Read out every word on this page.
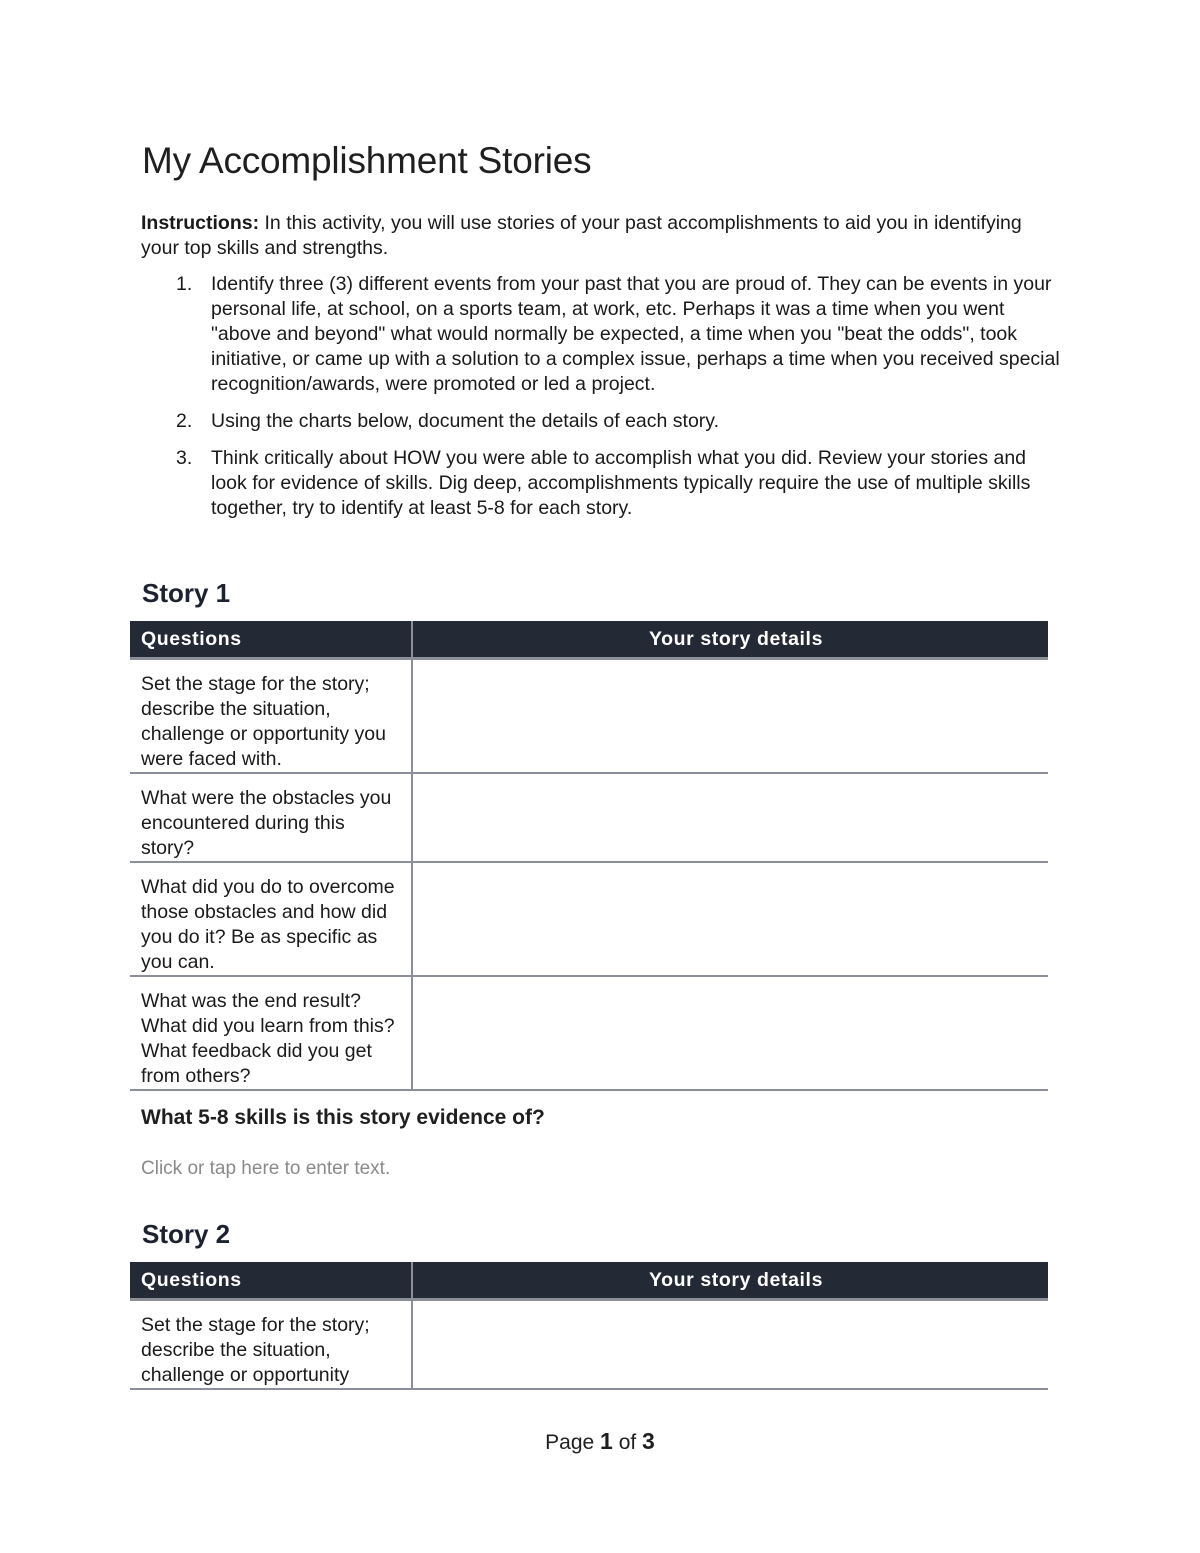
My Accomplishment Stories

Instructions: In this activity, you will use stories of your past accomplishments to aid you in identifying your top skills and strengths.

1. Identify three (3) different events from your past that you are proud of. They can be events in your personal life, at school, on a sports team, at work, etc. Perhaps it was a time when you went "above and beyond" what would normally be expected, a time when you "beat the odds", took initiative, or came up with a solution to a complex issue, perhaps a time when you received special recognition/awards, were promoted or led a project.
2. Using the charts below, document the details of each story.
3. Think critically about HOW you were able to accomplish what you did. Review your stories and look for evidence of skills. Dig deep, accomplishments typically require the use of multiple skills together, try to identify at least 5-8 for each story.
Story 1
Questions	Your story details
Set the stage for the story; describe the situation, challenge or opportunity you were faced with.	
What were the obstacles you encountered during this story?	
What did you do to overcome those obstacles and how did you do it? Be as specific as you can.	
What was the end result? What did you learn from this? What feedback did you get from others?	
What 5-8 skills is this story evidence of?
Click or tap here to enter text.
Story 2
Questions	Your story details
Set the stage for the story; describe the situation, challenge or opportunity	
Page 1 of 3
